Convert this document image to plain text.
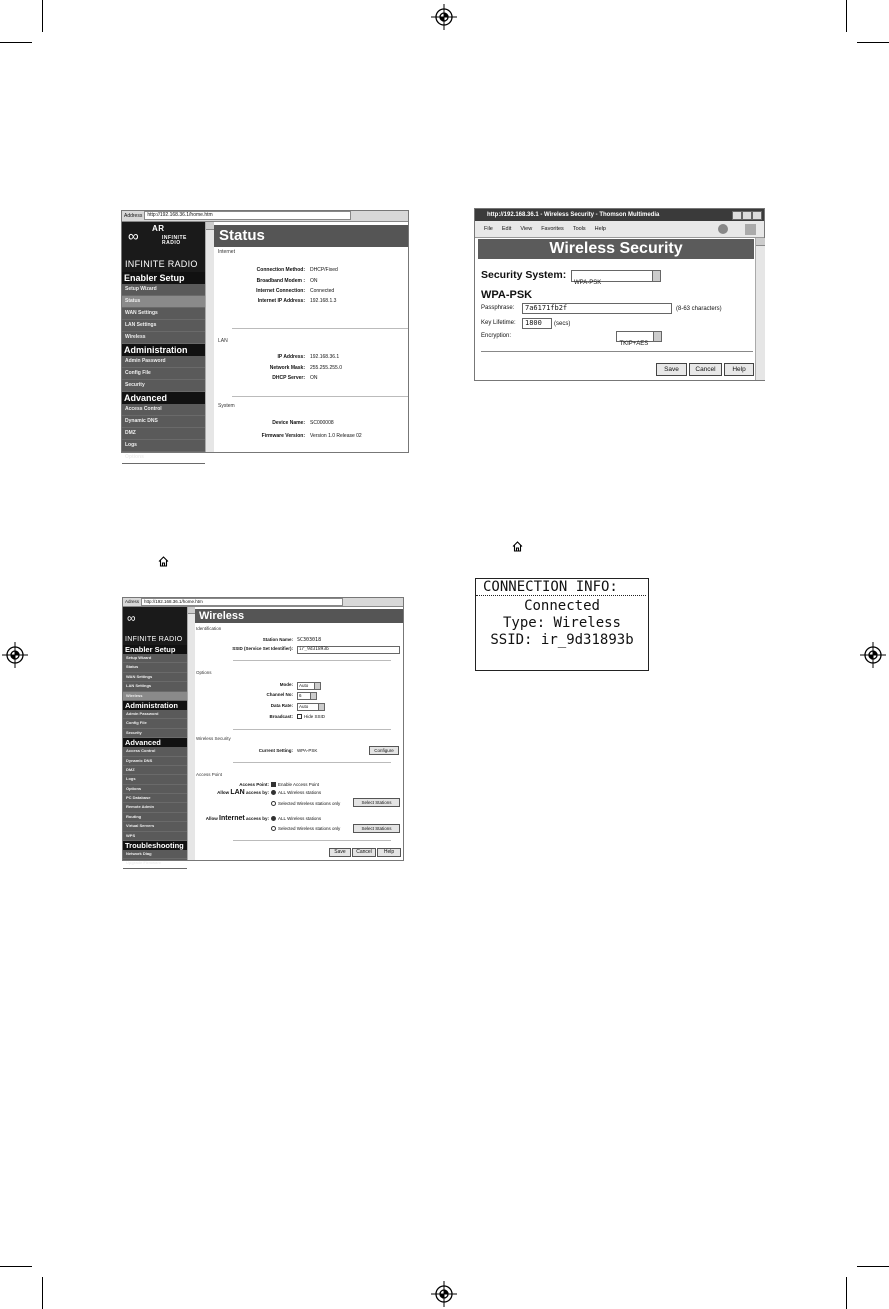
Address http://192.168.36.1/home.htm
∞ AR
INFINITE RADIO
INFINITE RADIO
Enabler Setup
Setup Wizard
Status
WAN Settings
LAN Settings
Wireless
Administration
Admin Password
Config File
Security
Advanced
Access Control
Dynamic DNS
DMZ
Logs
Options
Status
Internet
Connection Method: DHCP/Fixed
Broadband Modem : ON
Internet Connection: Connected
Internet IP Address: 192.168.1.3
LAN
IP Address: 192.168.36.1
Network Mask: 255.255.255.0
DHCP Server: ON
System
Device Name: SC000008
Firmware Version: Version 1.0 Release 02
http://192.168.36.1 - Wireless Security - Thomson Multimedia
File Edit View Favorites Tools Help
Wireless Security
Security System:
WPA-PSK

WPA-PSK
Passphrase:	7a6171fb2f	(8-63 characters)
Key Lifetime:	1800	(secs)
Encryption:
TKIP+AES
Save	Cancel	Help
Adress http://192.168.36.1/home.htm
∞
INFINITE RADIO
Enabler Setup
Setup Wizard
Status
WAN Settings
LAN Settings
Wireless
Administration
Admin Password
Config File
Security
Advanced
Access Control
Dynamic DNS
DMZ
Logs
Options
PC Database
Remote Admin
Routing
Virtual Servers
WPS
Troubleshooting
Network Diag
Upgrade Firmware
Wireless
Identification
Station Name: SC303018
SSID (Service Set Identifier):	ir_9d31893b
Options
Mode:	Auto
Channel No:	6
Data Rate:	Auto
Broadcast:	Hide SSID
Wireless Security
Current Setting: WPA-PSK	Configure
Access Point
Access Point:	Enable Access Point
Allow LAN access by:	ALL Wireless stations
Selected Wireless stations only	Select Stations
Allow Internet access by:	ALL Wireless stations
Selected Wireless stations only	Select Stations
Save	Cancel	Help
CONNECTION INFO:
Connected
Type: Wireless
SSID: ir_9d31893b
